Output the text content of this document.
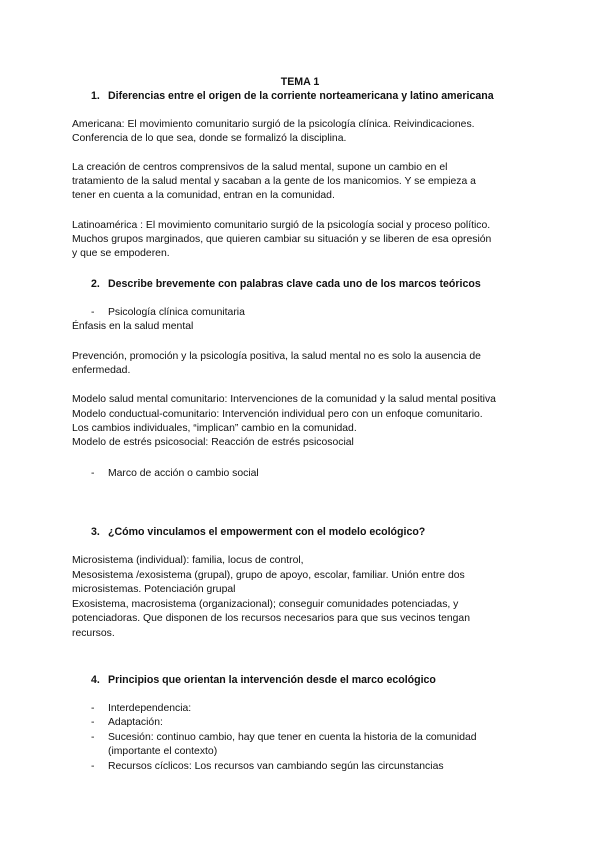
TEMA 1
1. Diferencias entre el origen de la corriente norteamericana y latino americana
Americana: El movimiento comunitario surgió de la psicología clínica. Reivindicaciones.
Conferencia de lo que sea, donde se formalizó la disciplina.
La creación de centros comprensivos de la salud mental, supone un cambio en el
tratamiento de la salud mental y sacaban a la gente de los manicomios. Y se empieza a
tener en cuenta a la comunidad, entran en la comunidad.
Latinoamérica : El movimiento comunitario surgió de la psicología social y proceso político.
Muchos grupos marginados, que quieren cambiar su situación y se liberen de esa opresión
y que se empoderen.
2. Describe brevemente con palabras clave cada uno de los marcos teóricos
- Psicología clínica comunitaria
Énfasis en la salud mental
Prevención, promoción y la psicología positiva, la salud mental no es solo la ausencia de
enfermedad.
Modelo salud mental comunitario: Intervenciones de la comunidad y la salud mental positiva
Modelo conductual-comunitario: Intervención individual pero con un enfoque comunitario.
Los cambios individuales, “implican” cambio en la comunidad.
Modelo de estrés psicosocial: Reacción de estrés psicosocial
- Marco de acción o cambio social
3. ¿Cómo vinculamos el empowerment con el modelo ecológico?
Microsistema (individual): familia, locus de control,
Mesosistema /exosistema (grupal), grupo de apoyo, escolar, familiar. Unión entre dos
microsistemas. Potenciación grupal
Exosistema, macrosistema (organizacional); conseguir comunidades potenciadas, y
potenciadoras. Que disponen de los recursos necesarios para que sus vecinos tengan
recursos.
4. Principios que orientan la intervención desde el marco ecológico
- Interdependencia:
- Adaptación:
- Sucesión: continuo cambio, hay que tener en cuenta la historia de la comunidad
(importante el contexto)
- Recursos cíclicos: Los recursos van cambiando según las circunstancias
